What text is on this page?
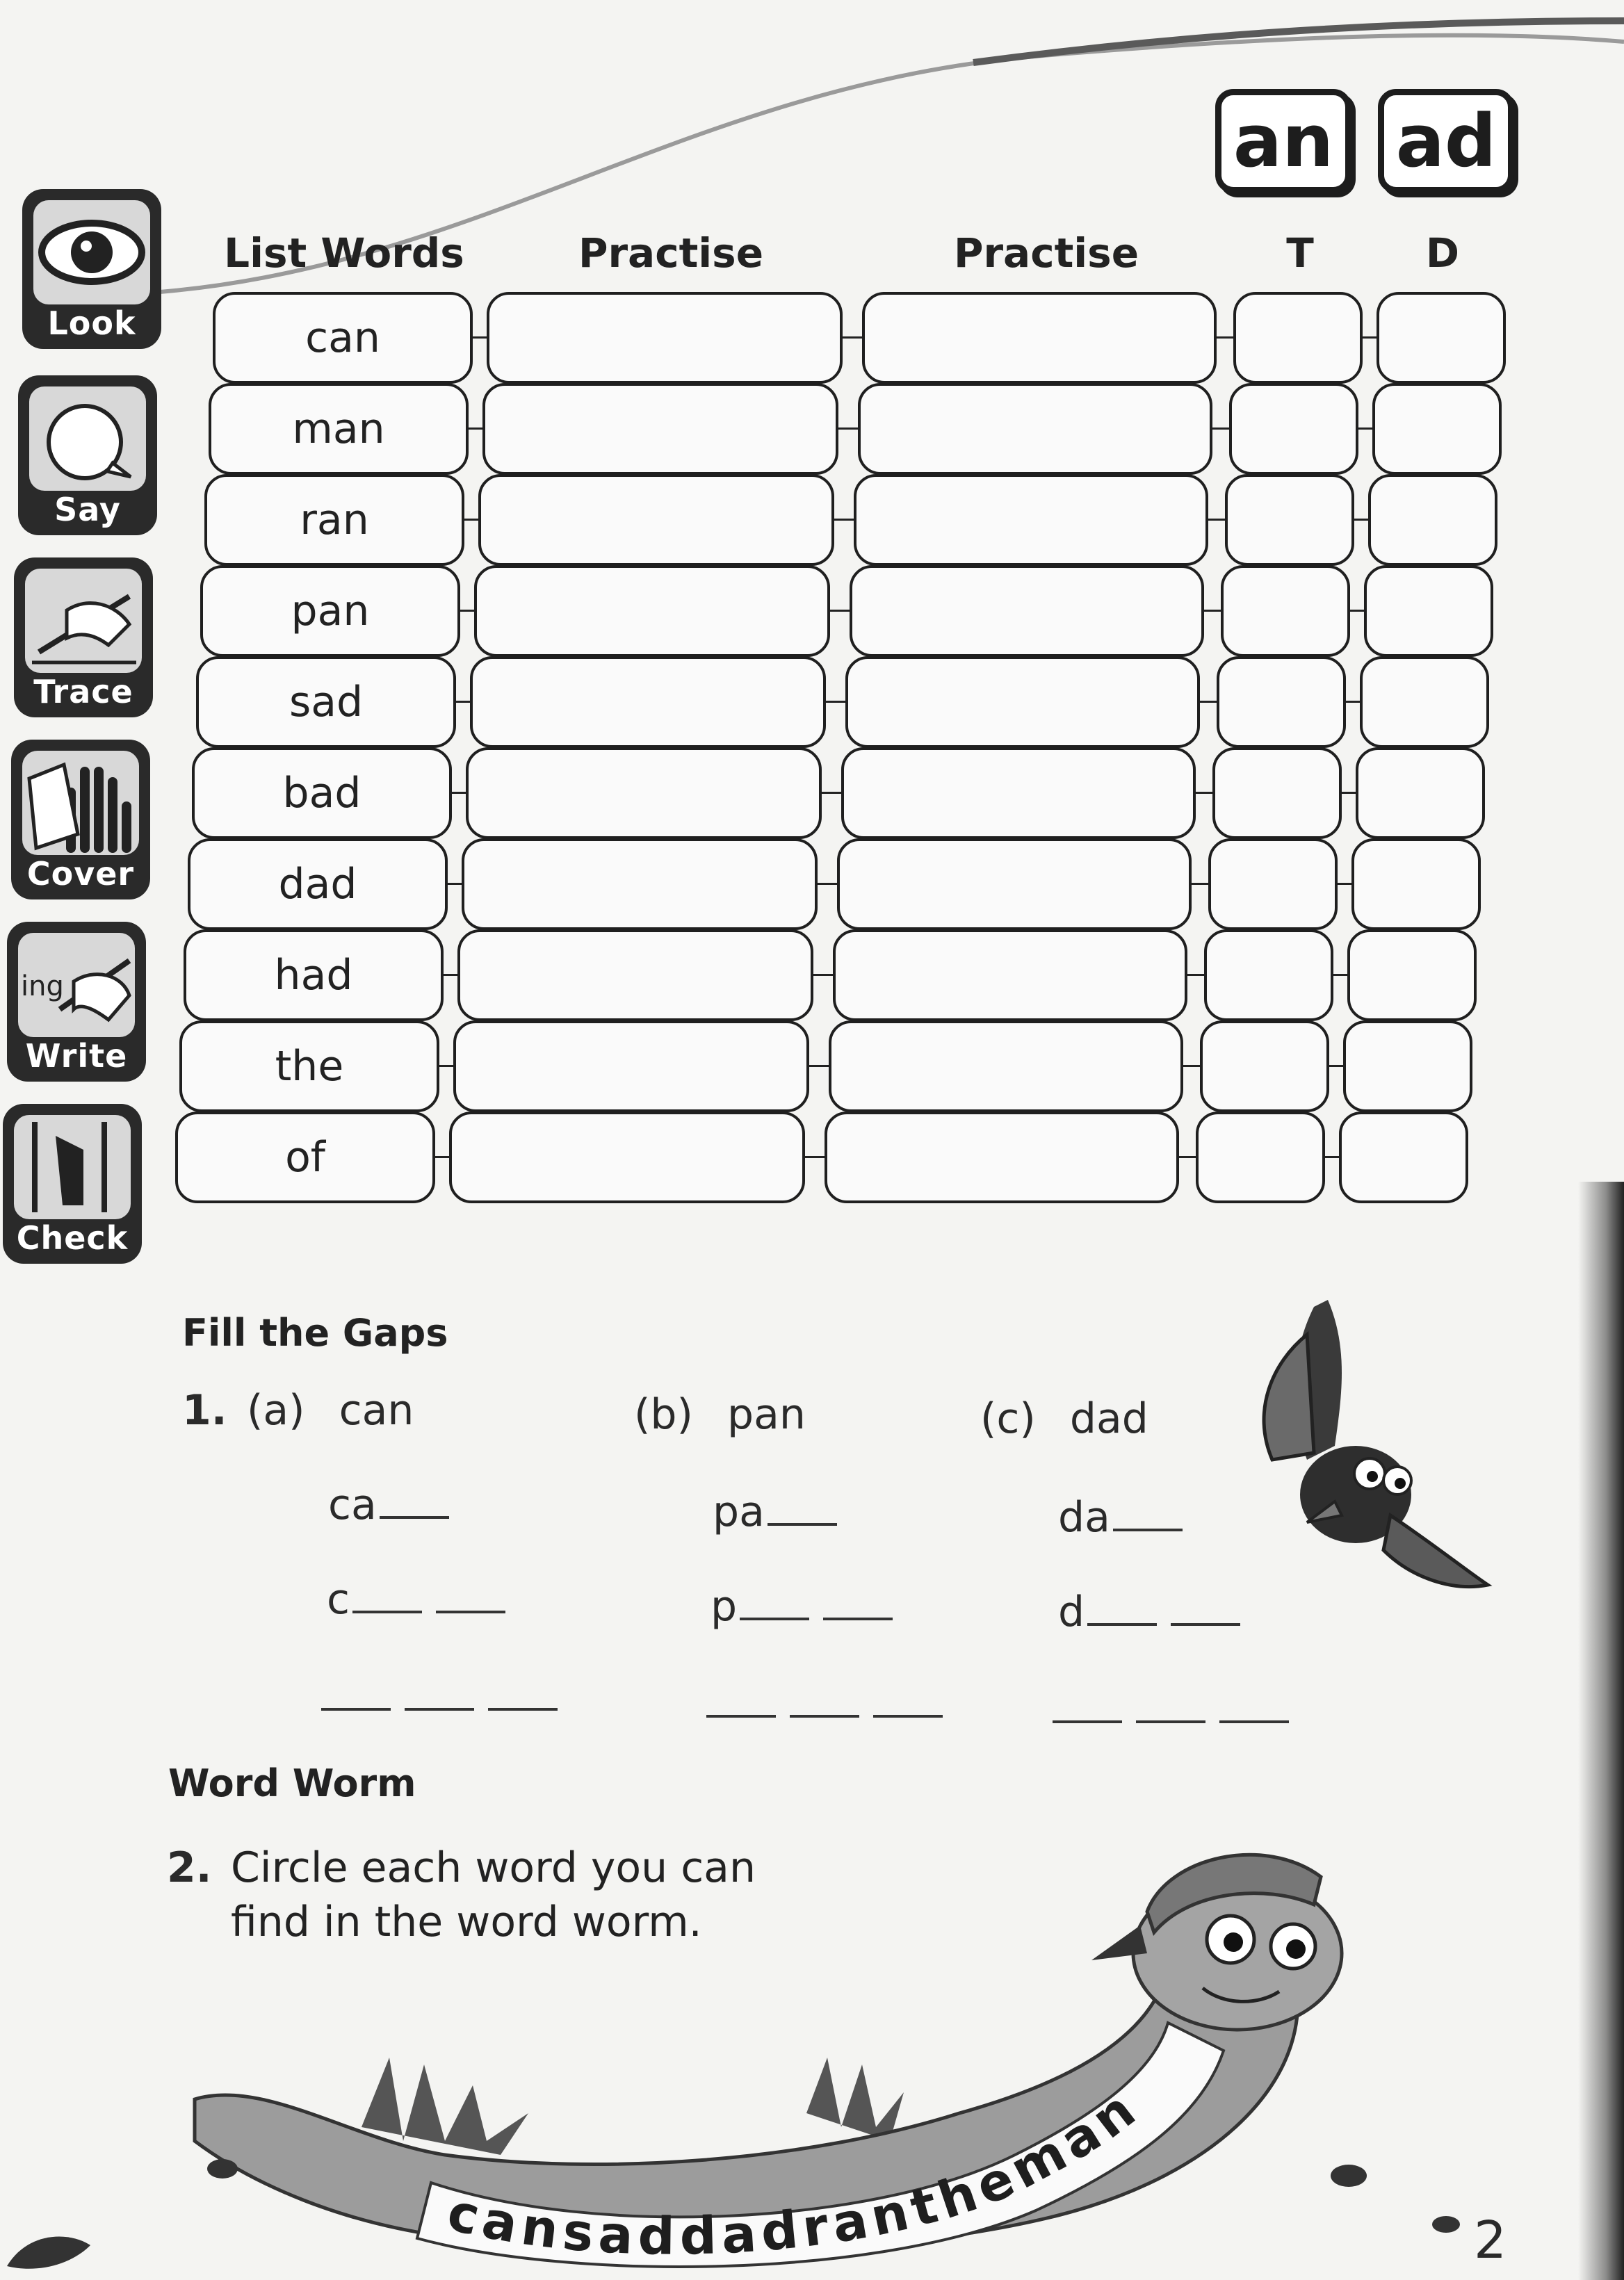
an ad
Look
Say
Trace
Cover
ing
Write
Check
List Words	Practise	Practise	T	D
can
man
ran
pan
sad
bad
dad
had
the
of
Fill the Gaps
1. (a) can	(b) pan	(c) dad
ca	pa	da
c	p	d
Word Worm
2. Circle each word you can
find in the word worm.
cansaddadrantheman
2
